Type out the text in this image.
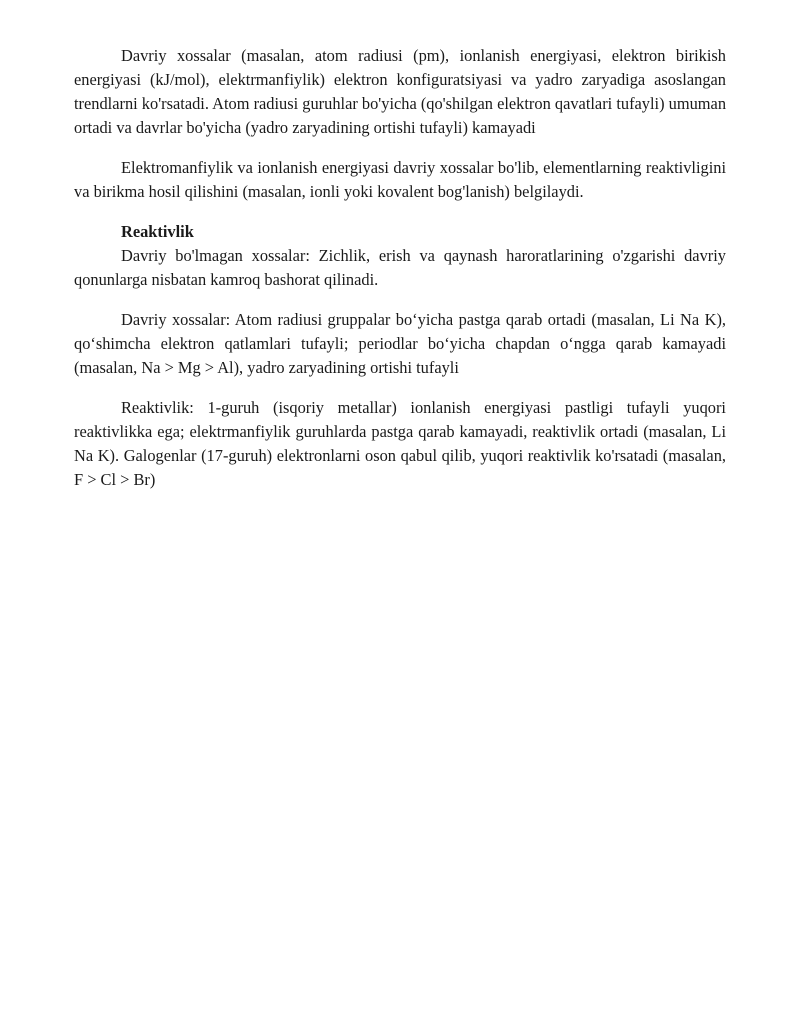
Davriy xossalar (masalan, atom radiusi (pm), ionlanish energiyasi, elektron birikish energiyasi (kJ/mol), elektrmanfiylik) elektron konfiguratsiyasi va yadro zaryadiga asoslangan trendlarni ko'rsatadi. Atom radiusi guruhlar bo'yicha (qo'shilgan elektron qavatlari tufayli) umuman ortadi va davrlar bo'yicha (yadro zaryadining ortishi tufayli) kamayadi

Elektromanfiylik va ionlanish energiyasi davriy xossalar bo'lib, elementlarning reaktivligini va birikma hosil qilishini (masalan, ionli yoki kovalent bog'lanish) belgilaydi.

Reaktivlik

Davriy bo'lmagan xossalar: Zichlik, erish va qaynash haroratlarining o'zgarishi davriy qonunlarga nisbatan kamroq bashorat qilinadi.

Davriy xossalar: Atom radiusi gruppalar bo‘yicha pastga qarab ortadi (masalan, Li Na K), qo‘shimcha elektron qatlamlari tufayli; periodlar bo‘yicha chapdan o‘ngga qarab kamayadi (masalan, Na > Mg > Al), yadro zaryadining ortishi tufayli

Reaktivlik: 1-guruh (isqoriy metallar) ionlanish energiyasi pastligi tufayli yuqori reaktivlikka ega; elektrmanfiylik guruhlarda pastga qarab kamayadi, reaktivlik ortadi (masalan, Li Na K). Galogenlar (17-guruh) elektronlarni oson qabul qilib, yuqori reaktivlik ko'rsatadi (masalan, F > Cl > Br)
